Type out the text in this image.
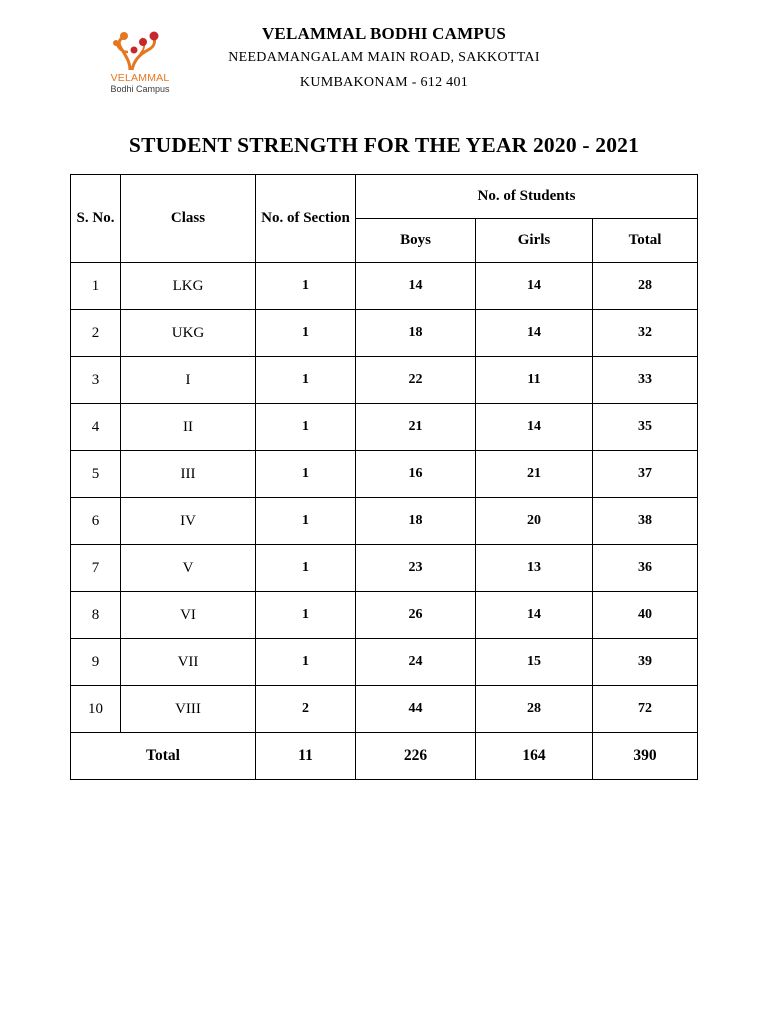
VELAMMAL
Bodhi Campus
VELAMMAL BODHI CAMPUS
NEEDAMANGALAM MAIN ROAD, SAKKOTTAI
KUMBAKONAM - 612 401
STUDENT STRENGTH FOR THE YEAR 2020 - 2021
S. No.	Class	No. of Section	No. of Students		
			Boys	Girls	Total
1	LKG	1	14	14	28
2	UKG	1	18	14	32
3	I	1	22	11	33
4	II	1	21	14	35
5	III	1	16	21	37
6	IV	1	18	20	38
7	V	1	23	13	36
8	VI	1	26	14	40
9	VII	1	24	15	39
10	VIII	2	44	28	72
Total		11	226	164	390
